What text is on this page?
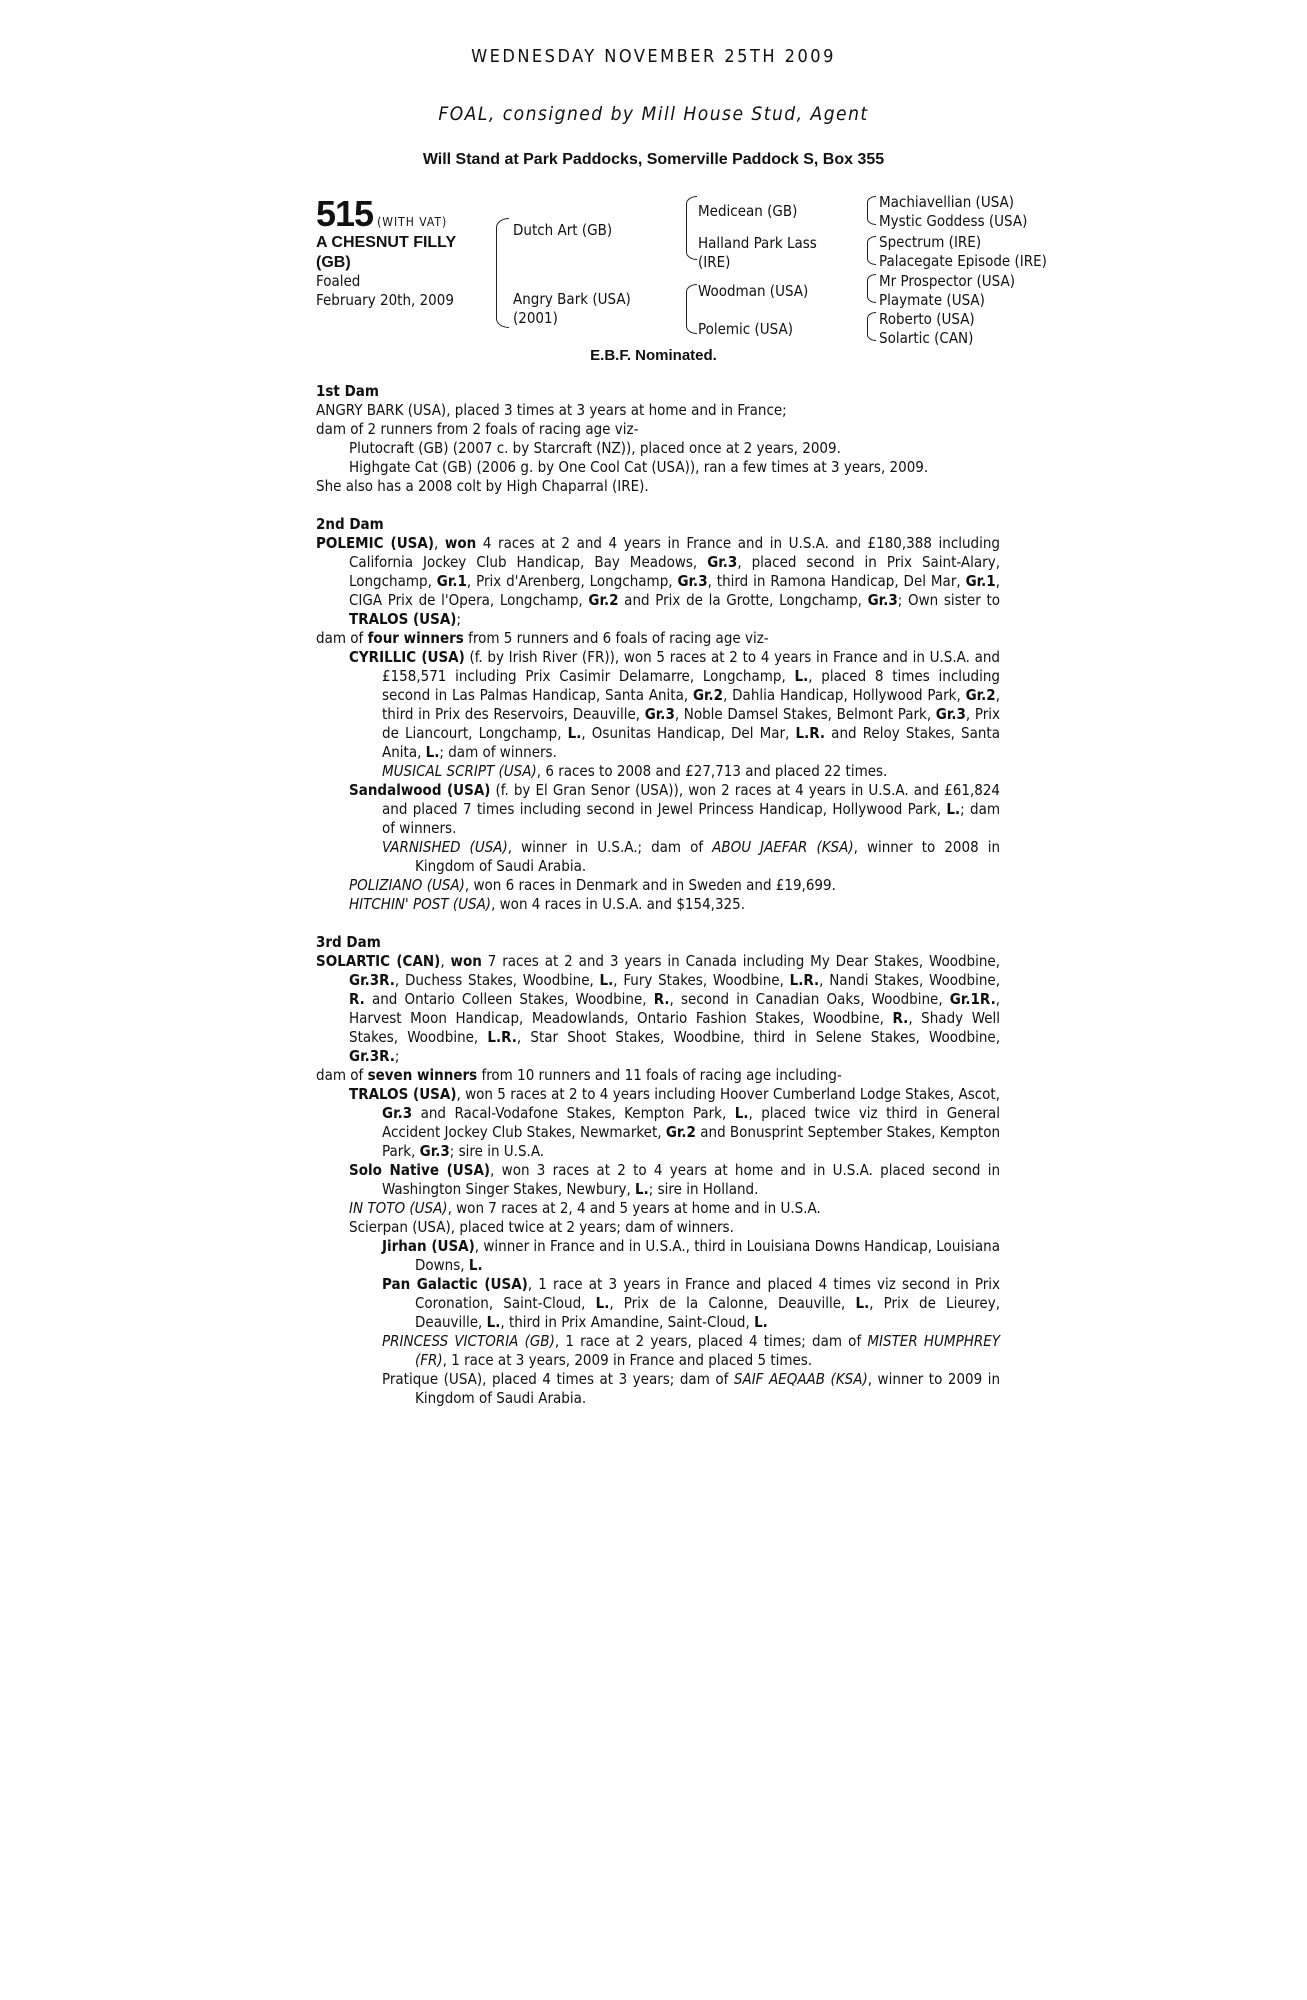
WEDNESDAY NOVEMBER 25TH 2009
FOAL, consigned by Mill House Stud, Agent
Will Stand at Park Paddocks, Somerville Paddock S, Box 355
515 (WITH VAT)
A CHESNUT FILLY
(GB)
Foaled
February 20th, 2009
Dutch Art (GB)
Angry Bark (USA)
(2001)
Medicean (GB)
Halland Park Lass
(IRE)
Woodman (USA)
Polemic (USA)
Machiavellian (USA)
Mystic Goddess (USA)
Spectrum (IRE)
Palacegate Episode (IRE)
Mr Prospector (USA)
Playmate (USA)
Roberto (USA)
Solartic (CAN)
E.B.F. Nominated.
1st Dam
ANGRY BARK (USA), placed 3 times at 3 years at home and in France;
dam of 2 runners from 2 foals of racing age viz-
Plutocraft (GB) (2007 c. by Starcraft (NZ)), placed once at 2 years, 2009.
Highgate Cat (GB) (2006 g. by One Cool Cat (USA)), ran a few times at 3 years, 2009.
She also has a 2008 colt by High Chaparral (IRE).
2nd Dam
POLEMIC (USA), won 4 races at 2 and 4 years in France and in U.S.A. and £180,388 including California Jockey Club Handicap, Bay Meadows, Gr.3, placed second in Prix Saint-Alary, Longchamp, Gr.1, Prix d'Arenberg, Longchamp, Gr.3, third in Ramona Handicap, Del Mar, Gr.1, CIGA Prix de l'Opera, Longchamp, Gr.2 and Prix de la Grotte, Longchamp, Gr.3; Own sister to TRALOS (USA);
dam of four winners from 5 runners and 6 foals of racing age viz-
CYRILLIC (USA) (f. by Irish River (FR)), won 5 races at 2 to 4 years in France and in U.S.A. and £158,571 including Prix Casimir Delamarre, Longchamp, L., placed 8 times including second in Las Palmas Handicap, Santa Anita, Gr.2, Dahlia Handicap, Hollywood Park, Gr.2, third in Prix des Reservoirs, Deauville, Gr.3, Noble Damsel Stakes, Belmont Park, Gr.3, Prix de Liancourt, Longchamp, L., Osunitas Handicap, Del Mar, L.R. and Reloy Stakes, Santa Anita, L.; dam of winners.
MUSICAL SCRIPT (USA), 6 races to 2008 and £27,713 and placed 22 times.
Sandalwood (USA) (f. by El Gran Senor (USA)), won 2 races at 4 years in U.S.A. and £61,824 and placed 7 times including second in Jewel Princess Handicap, Hollywood Park, L.; dam of winners.
VARNISHED (USA), winner in U.S.A.; dam of ABOU JAEFAR (KSA), winner to 2008 in Kingdom of Saudi Arabia.
POLIZIANO (USA), won 6 races in Denmark and in Sweden and £19,699.
HITCHIN' POST (USA), won 4 races in U.S.A. and $154,325.
3rd Dam
SOLARTIC (CAN), won 7 races at 2 and 3 years in Canada including My Dear Stakes, Woodbine, Gr.3R., Duchess Stakes, Woodbine, L., Fury Stakes, Woodbine, L.R., Nandi Stakes, Woodbine, R. and Ontario Colleen Stakes, Woodbine, R., second in Canadian Oaks, Woodbine, Gr.1R., Harvest Moon Handicap, Meadowlands, Ontario Fashion Stakes, Woodbine, R., Shady Well Stakes, Woodbine, L.R., Star Shoot Stakes, Woodbine, third in Selene Stakes, Woodbine, Gr.3R.;
dam of seven winners from 10 runners and 11 foals of racing age including-
TRALOS (USA), won 5 races at 2 to 4 years including Hoover Cumberland Lodge Stakes, Ascot, Gr.3 and Racal-Vodafone Stakes, Kempton Park, L., placed twice viz third in General Accident Jockey Club Stakes, Newmarket, Gr.2 and Bonusprint September Stakes, Kempton Park, Gr.3; sire in U.S.A.
Solo Native (USA), won 3 races at 2 to 4 years at home and in U.S.A. placed second in Washington Singer Stakes, Newbury, L.; sire in Holland.
IN TOTO (USA), won 7 races at 2, 4 and 5 years at home and in U.S.A.
Scierpan (USA), placed twice at 2 years; dam of winners.
Jirhan (USA), winner in France and in U.S.A., third in Louisiana Downs Handicap, Louisiana Downs, L.
Pan Galactic (USA), 1 race at 3 years in France and placed 4 times viz second in Prix Coronation, Saint-Cloud, L., Prix de la Calonne, Deauville, L., Prix de Lieurey, Deauville, L., third in Prix Amandine, Saint-Cloud, L.
PRINCESS VICTORIA (GB), 1 race at 2 years, placed 4 times; dam of MISTER HUMPHREY (FR), 1 race at 3 years, 2009 in France and placed 5 times.
Pratique (USA), placed 4 times at 3 years; dam of SAIF AEQAAB (KSA), winner to 2009 in Kingdom of Saudi Arabia.
